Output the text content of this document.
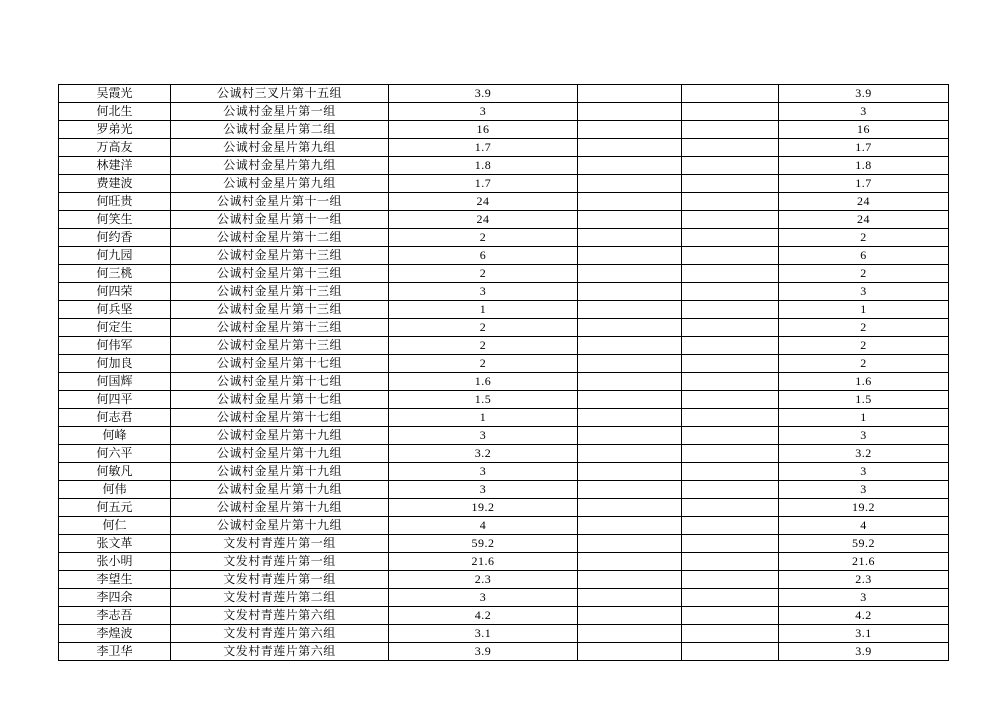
吴霞光	公诚村三叉片第十五组	3.9			3.9
何北生	公诚村金星片第一组	3			3
罗弟光	公诚村金星片第二组	16			16
万高友	公诚村金星片第九组	1.7			1.7
林建洋	公诚村金星片第九组	1.8			1.8
费建波	公诚村金星片第九组	1.7			1.7
何旺贵	公诚村金星片第十一组	24			24
何笑生	公诚村金星片第十一组	24			24
何约香	公诚村金星片第十二组	2			2
何九园	公诚村金星片第十三组	6			6
何三桃	公诚村金星片第十三组	2			2
何四荣	公诚村金星片第十三组	3			3
何兵坚	公诚村金星片第十三组	1			1
何定生	公诚村金星片第十三组	2			2
何伟军	公诚村金星片第十三组	2			2
何加良	公诚村金星片第十七组	2			2
何国辉	公诚村金星片第十七组	1.6			1.6
何四平	公诚村金星片第十七组	1.5			1.5
何志君	公诚村金星片第十七组	1			1
何峰	公诚村金星片第十九组	3			3
何六平	公诚村金星片第十九组	3.2			3.2
何敏凡	公诚村金星片第十九组	3			3
何伟	公诚村金星片第十九组	3			3
何五元	公诚村金星片第十九组	19.2			19.2
何仁	公诚村金星片第十九组	4			4
张文革	文发村青莲片第一组	59.2			59.2
张小明	文发村青莲片第一组	21.6			21.6
李望生	文发村青莲片第一组	2.3			2.3
李四余	文发村青莲片第二组	3			3
李志吾	文发村青莲片第六组	4.2			4.2
李煌波	文发村青莲片第六组	3.1			3.1
李卫华	文发村青莲片第六组	3.9			3.9
